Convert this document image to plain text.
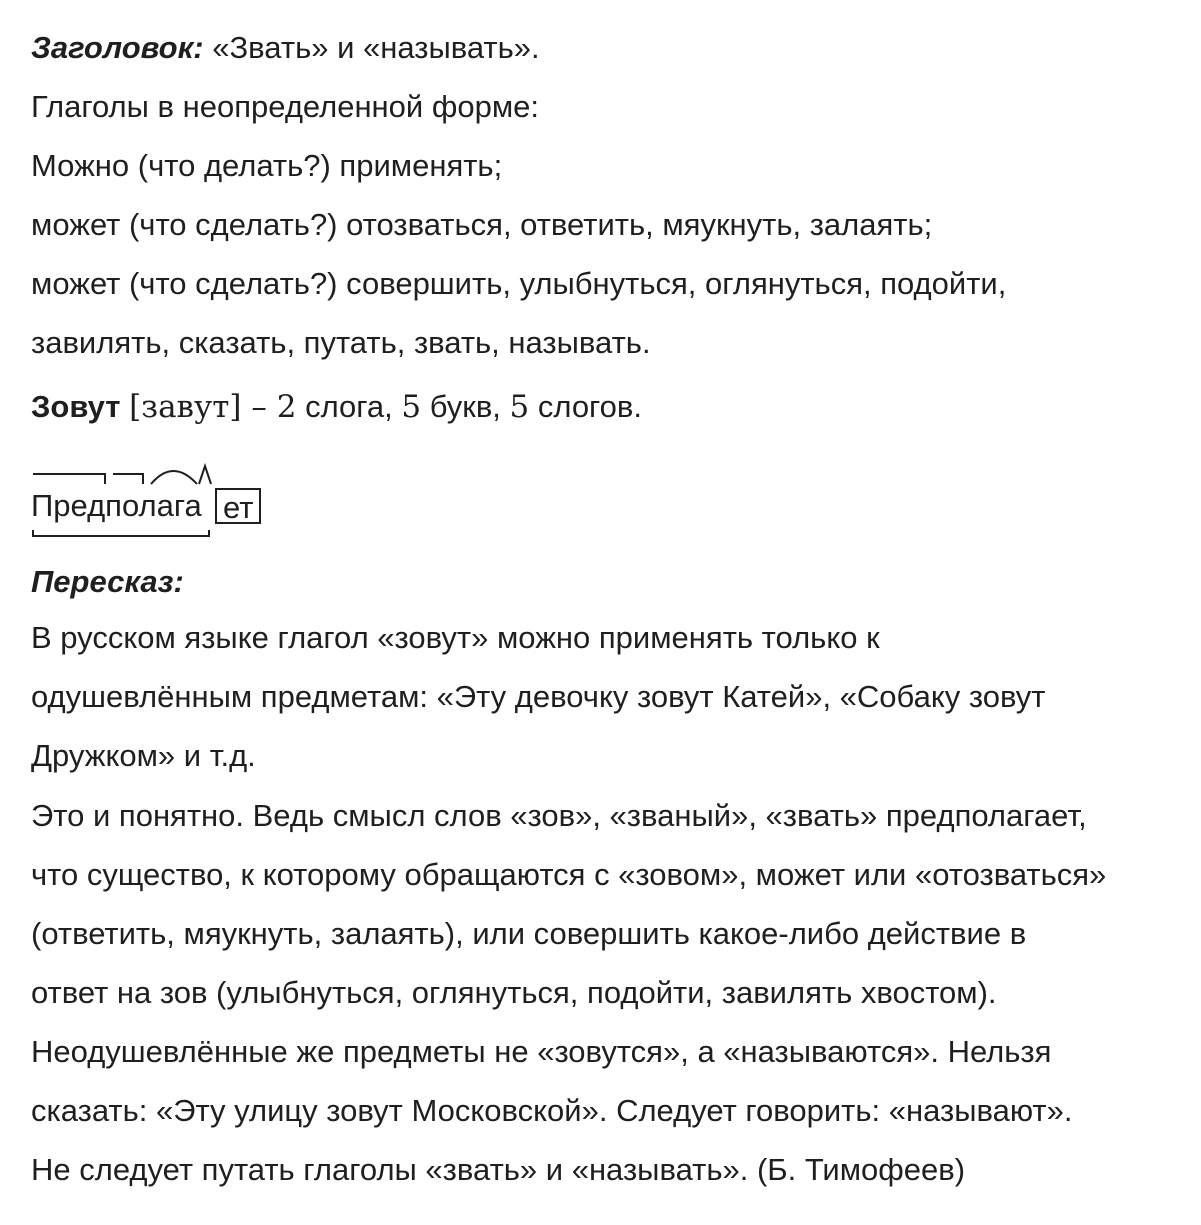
Заголовок: «Звать» и «называть».
Глаголы в неопределенной форме:
Можно (что делать?) применять;
может (что сделать?) отозваться, ответить, мяукнуть, залаять;
может (что сделать?) совершить, улыбнуться, оглянуться, подойти,
завилять, сказать, путать, звать, называть.
Зовут [завут] – 2 слога, 5 букв, 5 слогов.
Предполага ет
Пересказ:
В русском языке глагол «зовут» можно применять только к
одушевлённым предметам: «Эту девочку зовут Катей», «Собаку зовут
Дружком» и т.д.
Это и понятно. Ведь смысл слов «зов», «званый», «звать» предполагает,
что существо, к которому обращаются с «зовом», может или «отозваться»
(ответить, мяукнуть, залаять), или совершить какое-либо действие в
ответ на зов (улыбнуться, оглянуться, подойти, завилять хвостом).
Неодушевлённые же предметы не «зовутся», а «называются». Нельзя
сказать: «Эту улицу зовут Московской». Следует говорить: «называют».
Не следует путать глаголы «звать» и «называть». (Б. Тимофеев)
